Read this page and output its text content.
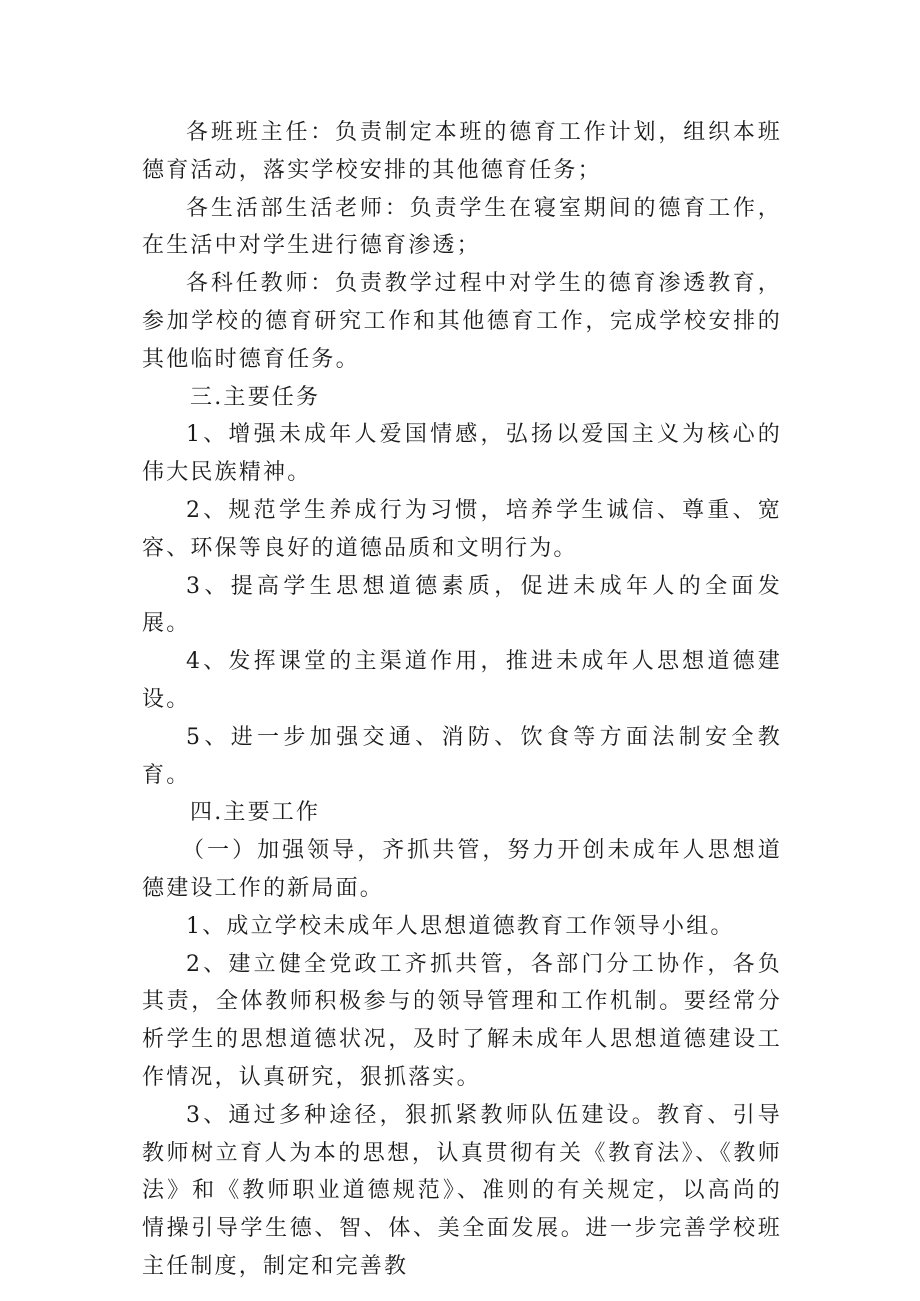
各班班主任：负责制定本班的德育工作计划，组织本班德育活动，落实学校安排的其他德育任务；

各生活部生活老师：负责学生在寝室期间的德育工作，在生活中对学生进行德育渗透；

各科任教师：负责教学过程中对学生的德育渗透教育，参加学校的德育研究工作和其他德育工作，完成学校安排的其他临时德育任务。

三.主要任务

1、增强未成年人爱国情感，弘扬以爱国主义为核心的伟大民族精神。

2、规范学生养成行为习惯，培养学生诚信、尊重、宽容、环保等良好的道德品质和文明行为。

3、提高学生思想道德素质，促进未成年人的全面发展。

4、发挥课堂的主渠道作用，推进未成年人思想道德建设。

5、进一步加强交通、消防、饮食等方面法制安全教育。

四.主要工作

（一）加强领导，齐抓共管，努力开创未成年人思想道德建设工作的新局面。

1、成立学校未成年人思想道德教育工作领导小组。

2、建立健全党政工齐抓共管，各部门分工协作，各负其责，全体教师积极参与的领导管理和工作机制。要经常分析学生的思想道德状况，及时了解未成年人思想道德建设工作情况，认真研究，狠抓落实。

3、通过多种途径，狠抓紧教师队伍建设。教育、引导教师树立育人为本的思想，认真贯彻有关《教育法》、《教师法》和《教师职业道德规范》、准则的有关规定，以高尚的情操引导学生德、智、体、美全面发展。进一步完善学校班主任制度，制定和完善教
